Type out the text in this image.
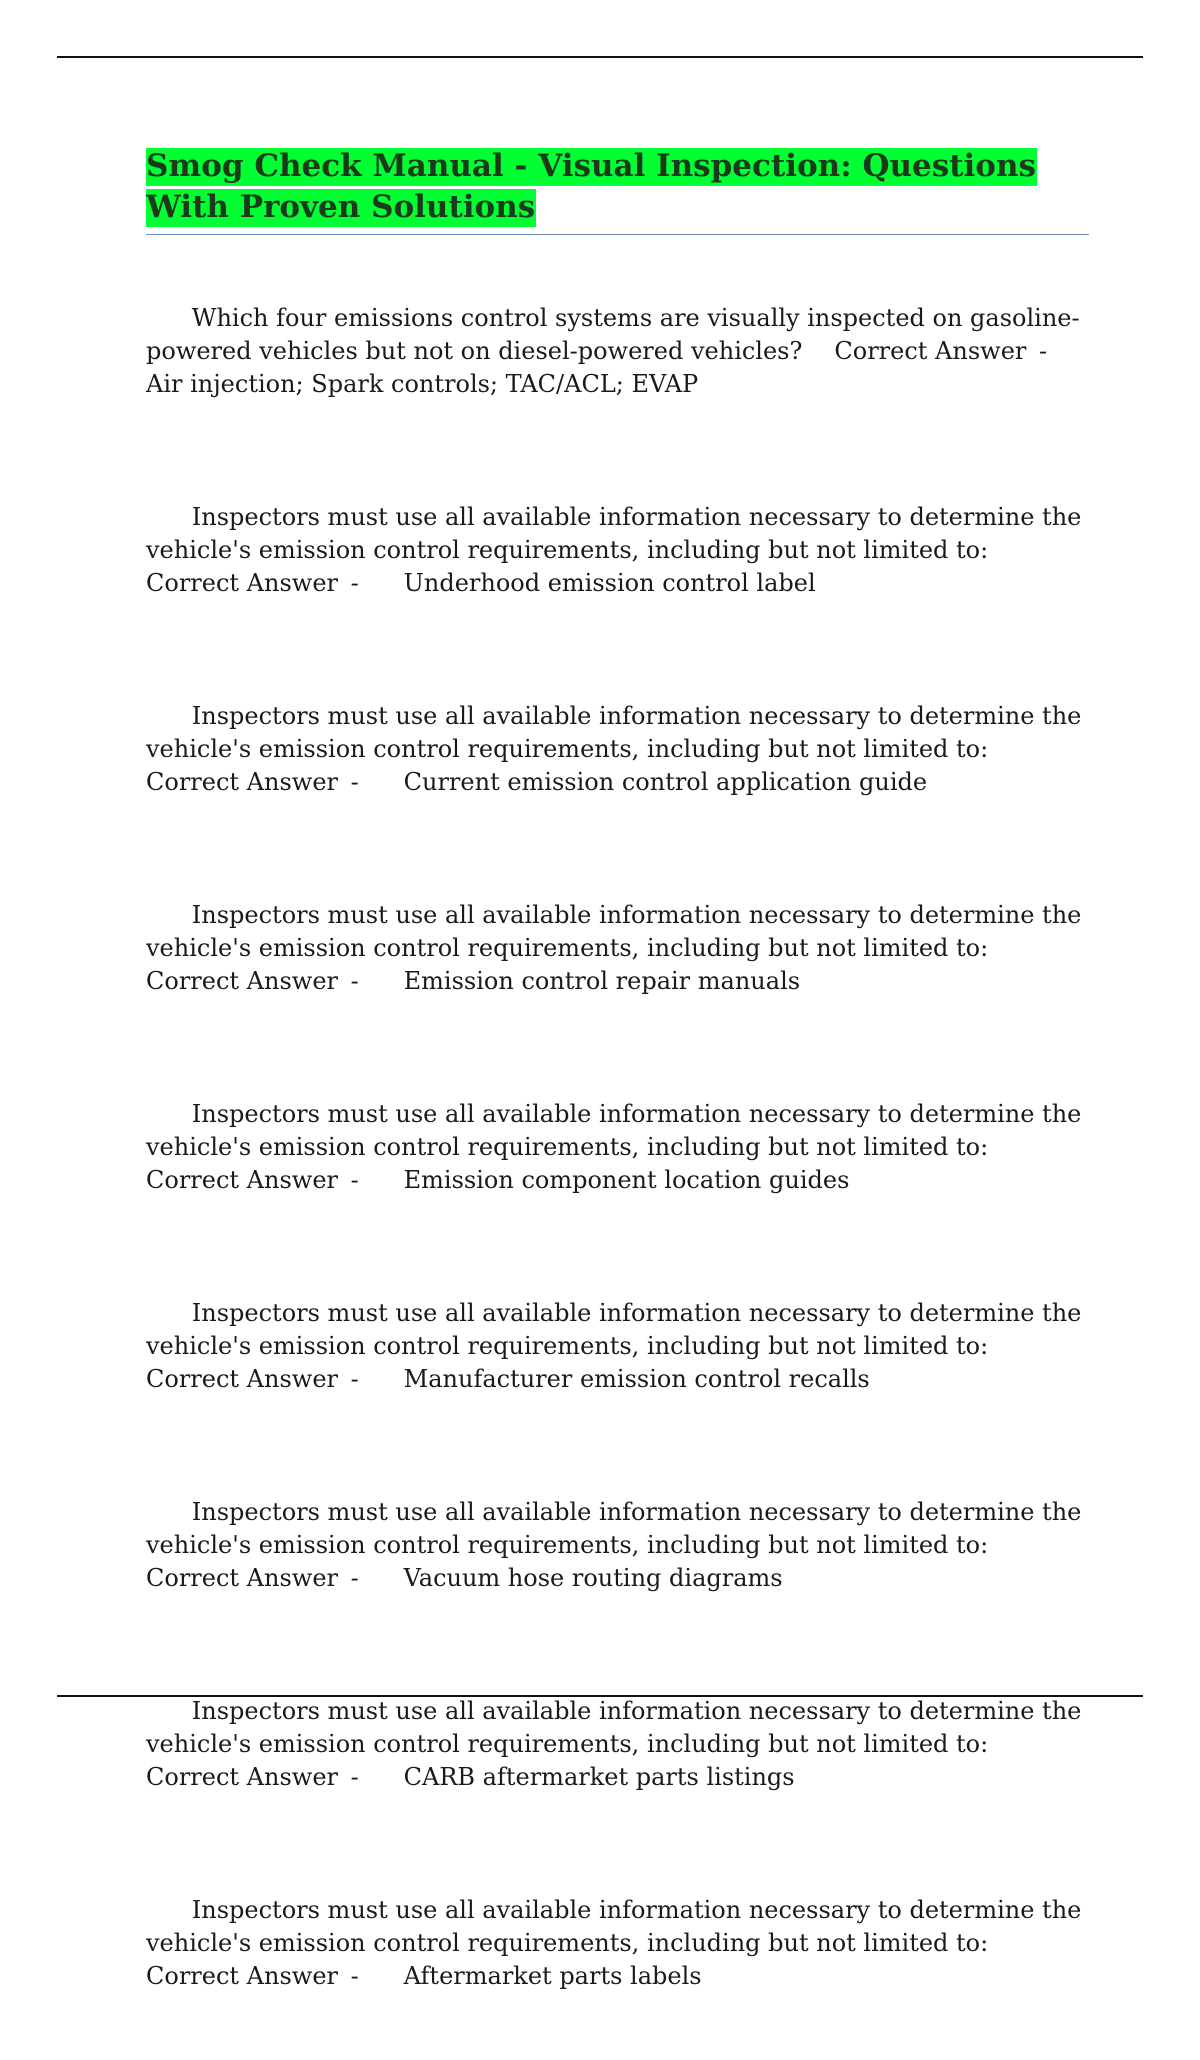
Smog Check Manual - Visual Inspection: Questions
With Proven Solutions

Which four emissions control systems are visually inspected on gasoline-
powered vehicles but not on diesel-powered vehicles? Correct Answer -
Air injection; Spark controls; TAC/ACL; EVAP

Inspectors must use all available information necessary to determine the
vehicle's emission control requirements, including but not limited to:
Correct Answer - Underhood emission control label

Inspectors must use all available information necessary to determine the
vehicle's emission control requirements, including but not limited to:
Correct Answer - Current emission control application guide

Inspectors must use all available information necessary to determine the
vehicle's emission control requirements, including but not limited to:
Correct Answer - Emission control repair manuals

Inspectors must use all available information necessary to determine the
vehicle's emission control requirements, including but not limited to:
Correct Answer - Emission component location guides

Inspectors must use all available information necessary to determine the
vehicle's emission control requirements, including but not limited to:
Correct Answer - Manufacturer emission control recalls

Inspectors must use all available information necessary to determine the
vehicle's emission control requirements, including but not limited to:
Correct Answer - Vacuum hose routing diagrams

Inspectors must use all available information necessary to determine the
vehicle's emission control requirements, including but not limited to:
Correct Answer - CARB aftermarket parts listings

Inspectors must use all available information necessary to determine the
vehicle's emission control requirements, including but not limited to:
Correct Answer - Aftermarket parts labels
